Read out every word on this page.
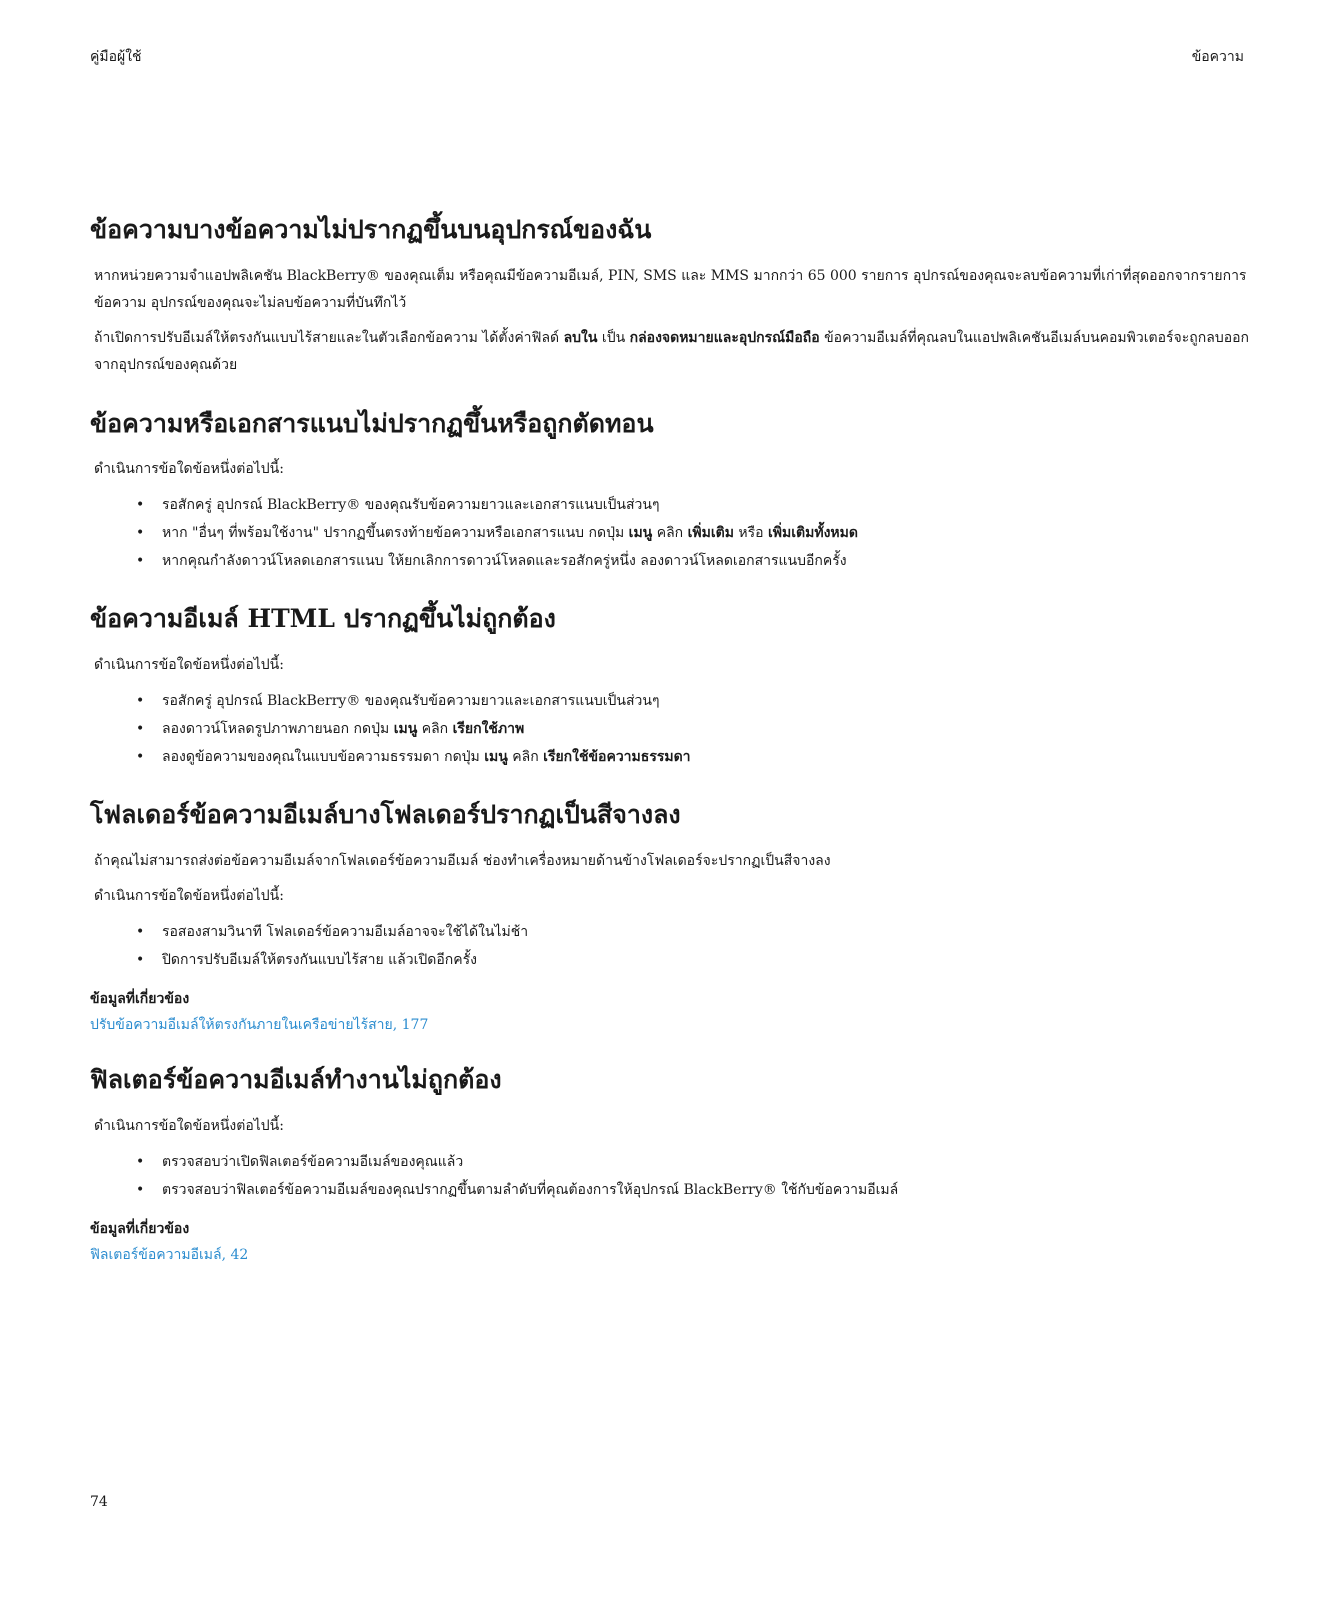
คู่มือผู้ใช้	ข้อความ
ข้อความบางข้อความไม่ปรากฏขึ้นบนอุปกรณ์ของฉัน

หากหน่วยความจำแอปพลิเคชัน BlackBerry® ของคุณเต็ม หรือคุณมีข้อความอีเมล์, PIN, SMS และ MMS มากกว่า 65 000 รายการ อุปกรณ์ของคุณจะลบข้อความที่เก่าที่สุดออกจากรายการข้อความ อุปกรณ์ของคุณจะไม่ลบข้อความที่บันทึกไว้

ถ้าเปิดการปรับอีเมล์ให้ตรงกันแบบไร้สายและในตัวเลือกข้อความ ได้ตั้งค่าฟิลด์ ลบใน เป็น กล่องจดหมายและอุปกรณ์มือถือ ข้อความอีเมล์ที่คุณลบในแอปพลิเคชันอีเมล์บนคอมพิวเตอร์จะถูกลบออกจากอุปกรณ์ของคุณด้วย

ข้อความหรือเอกสารแนบไม่ปรากฏขึ้นหรือถูกตัดทอน

ดำเนินการข้อใดข้อหนึ่งต่อไปนี้:

• รอสักครู่ อุปกรณ์ BlackBerry® ของคุณรับข้อความยาวและเอกสารแนบเป็นส่วนๆ
• หาก "อื่นๆ ที่พร้อมใช้งาน" ปรากฏขึ้นตรงท้ายข้อความหรือเอกสารแนบ กดปุ่ม เมนู คลิก เพิ่มเติม หรือ เพิ่มเติมทั้งหมด
• หากคุณกำลังดาวน์โหลดเอกสารแนบ ให้ยกเลิกการดาวน์โหลดและรอสักครู่หนึ่ง ลองดาวน์โหลดเอกสารแนบอีกครั้ง
ข้อความอีเมล์ HTML ปรากฏขึ้นไม่ถูกต้อง

ดำเนินการข้อใดข้อหนึ่งต่อไปนี้:

• รอสักครู่ อุปกรณ์ BlackBerry® ของคุณรับข้อความยาวและเอกสารแนบเป็นส่วนๆ
• ลองดาวน์โหลดรูปภาพภายนอก กดปุ่ม เมนู คลิก เรียกใช้ภาพ
• ลองดูข้อความของคุณในแบบข้อความธรรมดา กดปุ่ม เมนู คลิก เรียกใช้ข้อความธรรมดา
โฟลเดอร์ข้อความอีเมล์บางโฟลเดอร์ปรากฏเป็นสีจางลง

ถ้าคุณไม่สามารถส่งต่อข้อความอีเมล์จากโฟลเดอร์ข้อความอีเมล์ ช่องทำเครื่องหมายด้านข้างโฟลเดอร์จะปรากฏเป็นสีจางลง

ดำเนินการข้อใดข้อหนึ่งต่อไปนี้:

• รอสองสามวินาที โฟลเดอร์ข้อความอีเมล์อาจจะใช้ได้ในไม่ช้า
• ปิดการปรับอีเมล์ให้ตรงกันแบบไร้สาย แล้วเปิดอีกครั้ง
ข้อมูลที่เกี่ยวข้อง
ปรับข้อความอีเมล์ให้ตรงกันภายในเครือข่ายไร้สาย, 177
ฟิลเตอร์ข้อความอีเมล์ทำงานไม่ถูกต้อง

ดำเนินการข้อใดข้อหนึ่งต่อไปนี้:

• ตรวจสอบว่าเปิดฟิลเตอร์ข้อความอีเมล์ของคุณแล้ว
• ตรวจสอบว่าฟิลเตอร์ข้อความอีเมล์ของคุณปรากฏขึ้นตามลำดับที่คุณต้องการให้อุปกรณ์ BlackBerry® ใช้กับข้อความอีเมล์
ข้อมูลที่เกี่ยวข้อง
ฟิลเตอร์ข้อความอีเมล์, 42
74
